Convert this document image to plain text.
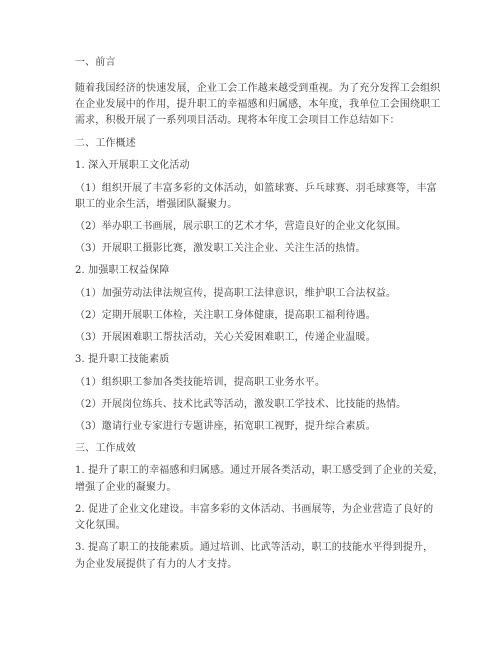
一、前言
随着我国经济的快速发展，企业工会工作越来越受到重视。为了充分发挥工会组织
在企业发展中的作用，提升职工的幸福感和归属感，本年度，我单位工会围绕职工
需求，积极开展了一系列项目活动。现将本年度工会项目工作总结如下：
二、工作概述
1. 深入开展职工文化活动
（1）组织开展了丰富多彩的文体活动，如篮球赛、乒乓球赛、羽毛球赛等，丰富
职工的业余生活，增强团队凝聚力。
（2）举办职工书画展，展示职工的艺术才华，营造良好的企业文化氛围。
（3）开展职工摄影比赛，激发职工关注企业、关注生活的热情。
2. 加强职工权益保障
（1）加强劳动法律法规宣传，提高职工法律意识，维护职工合法权益。
（2）定期开展职工体检，关注职工身体健康，提高职工福利待遇。
（3）开展困难职工帮扶活动，关心关爱困难职工，传递企业温暖。
3. 提升职工技能素质
（1）组织职工参加各类技能培训，提高职工业务水平。
（2）开展岗位练兵、技术比武等活动，激发职工学技术、比技能的热情。
（3）邀请行业专家进行专题讲座，拓宽职工视野，提升综合素质。
三、工作成效
1. 提升了职工的幸福感和归属感。通过开展各类活动，职工感受到了企业的关爱，
增强了企业的凝聚力。
2. 促进了企业文化建设。丰富多彩的文体活动、书画展等，为企业营造了良好的
文化氛围。
3. 提高了职工的技能素质。通过培训、比武等活动，职工的技能水平得到提升，
为企业发展提供了有力的人才支持。
